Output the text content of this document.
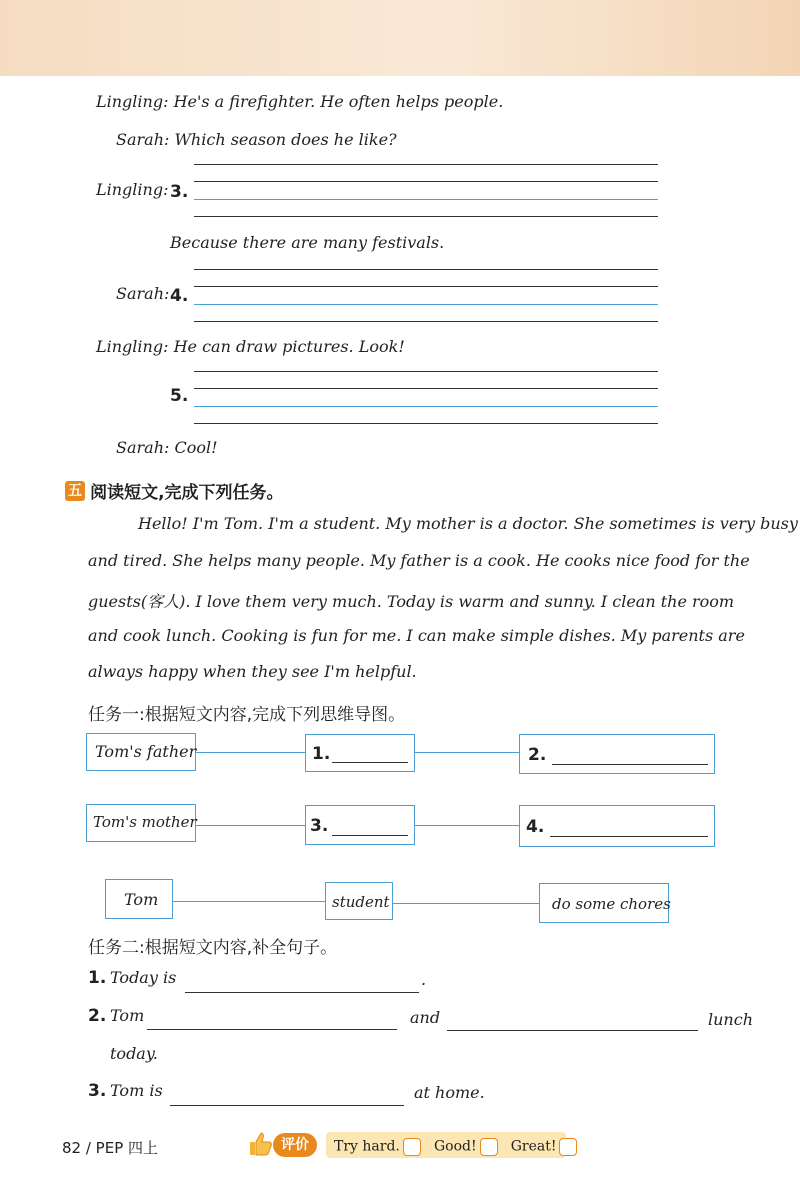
Lingling: He's a firefighter. He often helps people.
Sarah: Which season does he like?
Lingling: 3.
Because there are many festivals.
Sarah: 4.
Lingling: He can draw pictures. Look!
5.
Sarah: Cool!
五 阅读短文,完成下列任务。
Hello! I'm Tom. I'm a student. My mother is a doctor. She sometimes is very busy
and tired. She helps many people. My father is a cook. He cooks nice food for the
guests(客人). I love them very much. Today is warm and sunny. I clean the room
and cook lunch. Cooking is fun for me. I can make simple dishes. My parents are
always happy when they see I'm helpful.
任务一:根据短文内容,完成下列思维导图。
Tom's father	1.	2.
Tom's mother	3.	4.
Tom	student	do some chores
任务二:根据短文内容,补全句子。
1. Today is	.
2. Tom	and	lunch
today.
3. Tom is	at home.
82 / PEP 四上	评价	Try hard. Good! Great!
